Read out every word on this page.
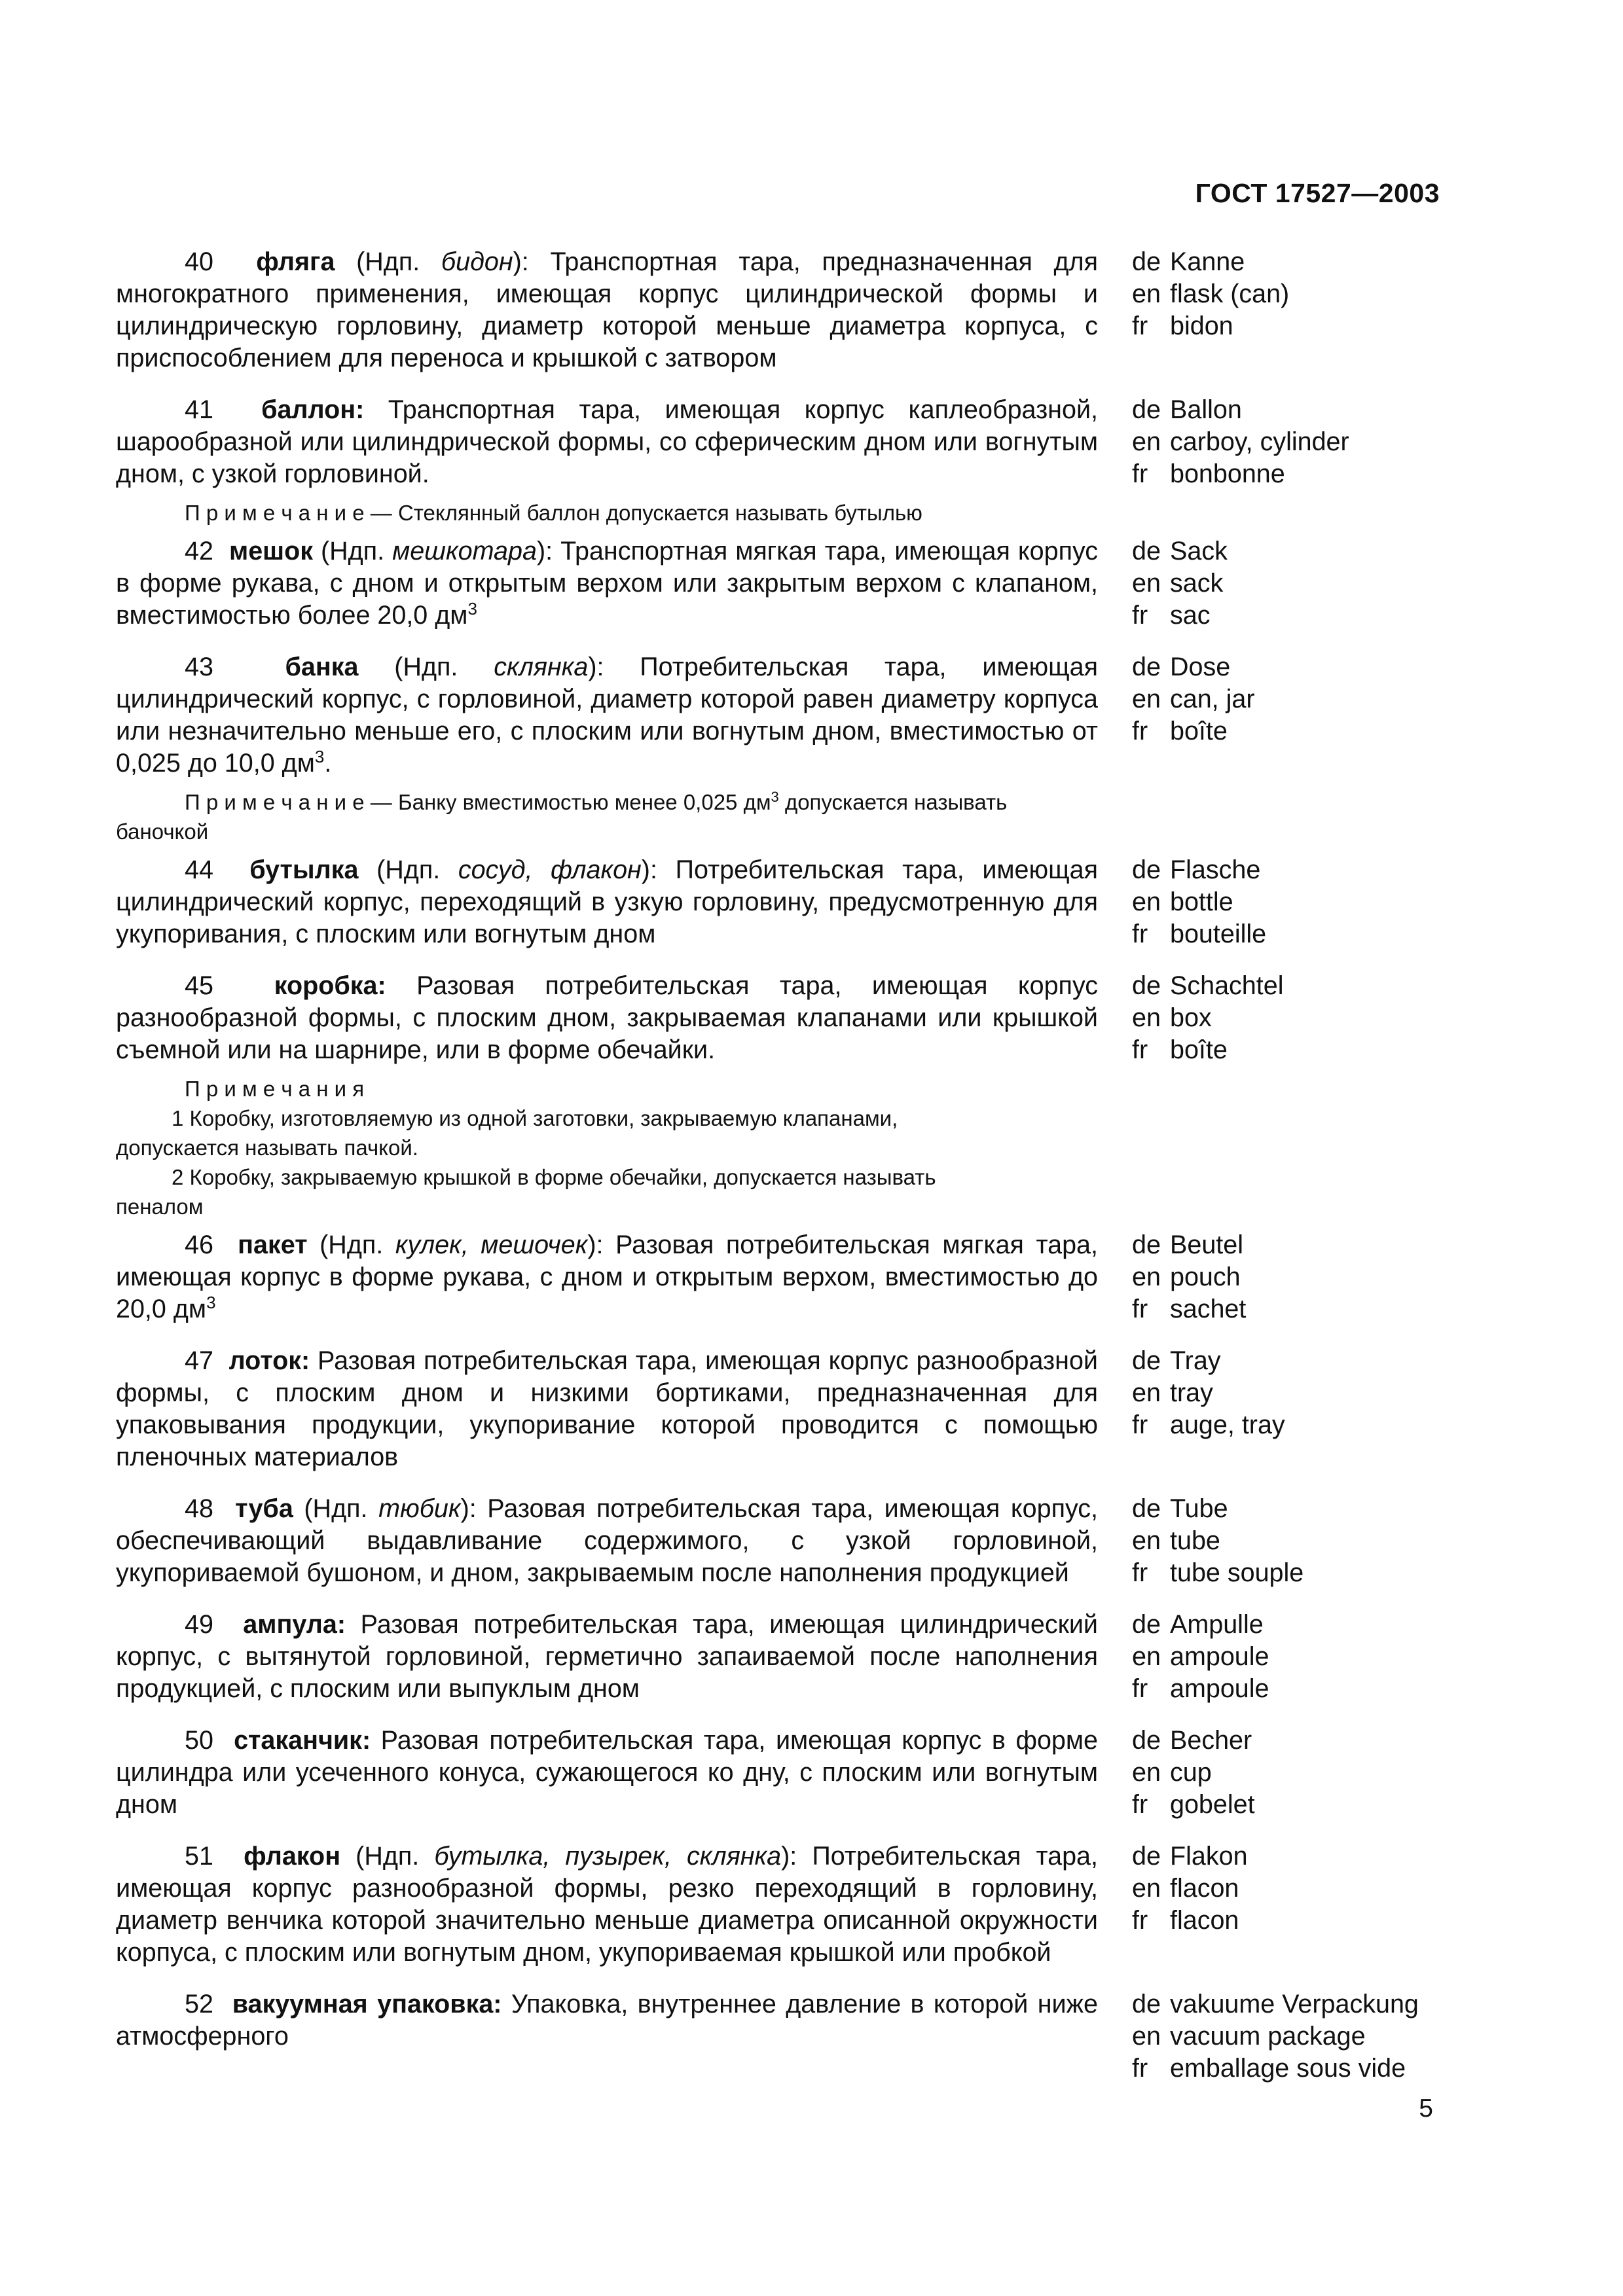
ГОСТ 17527—2003
40 фляга (Ндп. бидон): Транспортная тара, предназначенная для многократного применения, имеющая корпус цилиндрической формы и цилиндрическую горловину, диаметр которой меньше диаметра корпуса, с приспособлением для переноса и крышкой с затвором
de Kanne
en flask (can)
fr bidon
41 баллон: Транспортная тара, имеющая корпус каплеобразной, шарообразной или цилиндрической формы, со сферическим дном или вогнутым дном, с узкой горловиной.
de Ballon
en carboy, cylinder
fr bonbonne
П р и м е ч а н и е — Стеклянный баллон допускается называть бутылью
42 мешок (Ндп. мешкотара): Транспортная мягкая тара, имеющая корпус в форме рукава, с дном и открытым верхом или закрытым верхом с клапаном, вместимостью более 20,0 $дм^3$
de Sack
en sack
fr sac
43	банка (Ндп. склянка): Потребительская тара, имеющая цилиндрический корпус, с горловиной, диаметр которой равен диаметру корпуса или незначительно меньше его, с плоским или вогнутым дном, вместимостью от 0,025 до 10,0 $дм^3$.
de Dose
en can, jar
fr boîte
П р и м е ч а н и е — Банку вместимостью менее 0,025 $дм^3$ допускается называть баночкой
44 бутылка (Ндп. сосуд, флакон): Потребительская тара, имеющая цилиндрический корпус, переходящий в узкую горловину, предусмотренную для укупоривания, с плоским или вогнутым дном
de Flasche
en bottle
fr bouteille
45 коробка: Разовая потребительская тара, имеющая корпус разнообразной формы, с плоским дном, закрываемая клапанами или крышкой съемной или на шарнире, или в форме обечайки.
de Schachtel
en box
fr boîte
П р и м е ч а н и я
1 Коробку, изготовляемую из одной заготовки, закрываемую клапанами, допускается называть пачкой.
2 Коробку, закрываемую крышкой в форме обечайки, допускается называть пеналом
46 пакет (Ндп. кулек, мешочек): Разовая потребительская мягкая тара, имеющая корпус в форме рукава, с дном и открытым верхом, вместимостью до 20,0 $дм^3$
de Beutel
en pouch
fr sachet
47 лоток: Разовая потребительская тара, имеющая корпус разнообразной формы, с плоским дном и низкими бортиками, предназначенная для упаковывания продукции, укупоривание которой проводится с помощью пленочных материалов
de Tray
en tray
fr auge, tray
48 туба (Ндп. тюбик): Разовая потребительская тара, имеющая корпус, обеспечивающий выдавливание содержимого, с узкой горловиной, укупориваемой бушоном, и дном, закрываемым после наполнения продукцией
de Tube
en tube
fr tube souple
49 ампула: Разовая потребительская тара, имеющая цилиндрический корпус, с вытянутой горловиной, герметично запаиваемой после наполнения продукцией, с плоским или выпуклым дном
de Ampulle
en ampoule
fr ampoule
50 стаканчик: Разовая потребительская тара, имеющая корпус в форме цилиндра или усеченного конуса, сужающегося ко дну, с плоским или вогнутым дном
de Becher
en cup
fr gobelet
51 флакон (Ндп. бутылка, пузырек, склянка): Потребительская тара, имеющая корпус разнообразной формы, резко переходящий в горловину, диаметр венчика которой значительно меньше диаметра описанной окружности корпуса, с плоским или вогнутым дном, укупориваемая крышкой или пробкой
de Flakon
en flacon
fr flacon
52 вакуумная упаковка: Упаковка, внутреннее давление в которой ниже атмосферного
de vakuume Verpackung
en vacuum package
fr emballage sous vide
5
